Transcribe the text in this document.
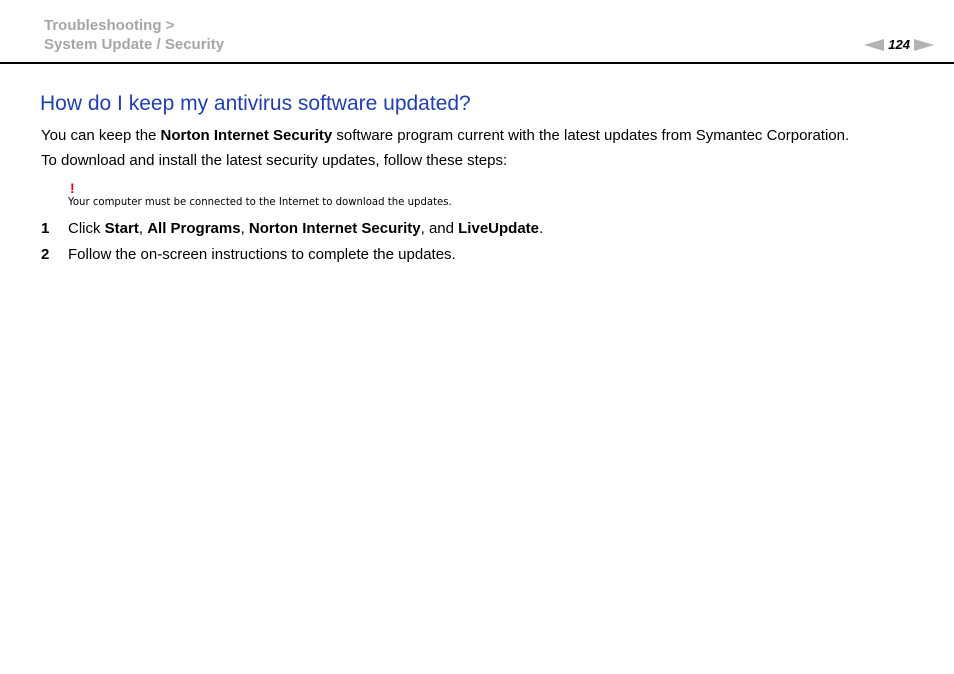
Troubleshooting >
System Update / Security	124
How do I keep my antivirus software updated?

You can keep the Norton Internet Security software program current with the latest updates from Symantec Corporation.

To download and install the latest security updates, follow these steps:

!
Your computer must be connected to the Internet to download the updates.
1 Click Start, All Programs, Norton Internet Security, and LiveUpdate.
2 Follow the on-screen instructions to complete the updates.
